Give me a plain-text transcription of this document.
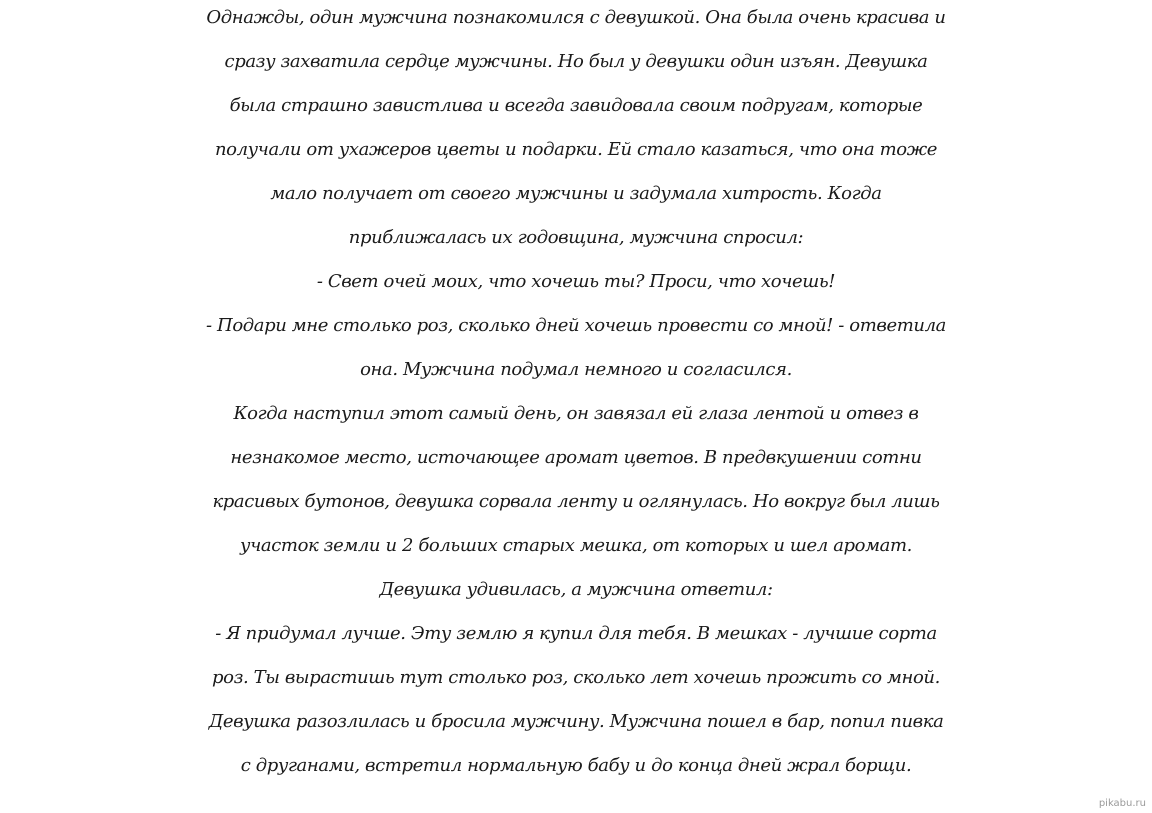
Однажды, один мужчина познакомился с девушкой. Она была очень красива и
сразу захватила сердце мужчины. Но был у девушки один изъян. Девушка
была страшно завистлива и всегда завидовала своим подругам, которые
получали от ухажеров цветы и подарки. Ей стало казаться, что она тоже
мало получает от своего мужчины и задумала хитрость. Когда
приближалась их годовщина, мужчина спросил:
- Свет очей моих, что хочешь ты? Проси, что хочешь!
- Подари мне столько роз, сколько дней хочешь провести со мной! - ответила
она. Мужчина подумал немного и согласился.
Когда наступил этот самый день, он завязал ей глаза лентой и отвез в
незнакомое место, источающее аромат цветов. В предвкушении сотни
красивых бутонов, девушка сорвала ленту и оглянулась. Но вокруг был лишь
участок земли и 2 больших старых мешка, от которых и шел аромат.
Девушка удивилась, а мужчина ответил:
- Я придумал лучше. Эту землю я купил для тебя. В мешках - лучшие сорта
роз. Ты вырастишь тут столько роз, сколько лет хочешь прожить со мной.
Девушка разозлилась и бросила мужчину. Мужчина пошел в бар, попил пивка
с друганами, встретил нормальную бабу и до конца дней жрал борщи.
pikabu.ru
